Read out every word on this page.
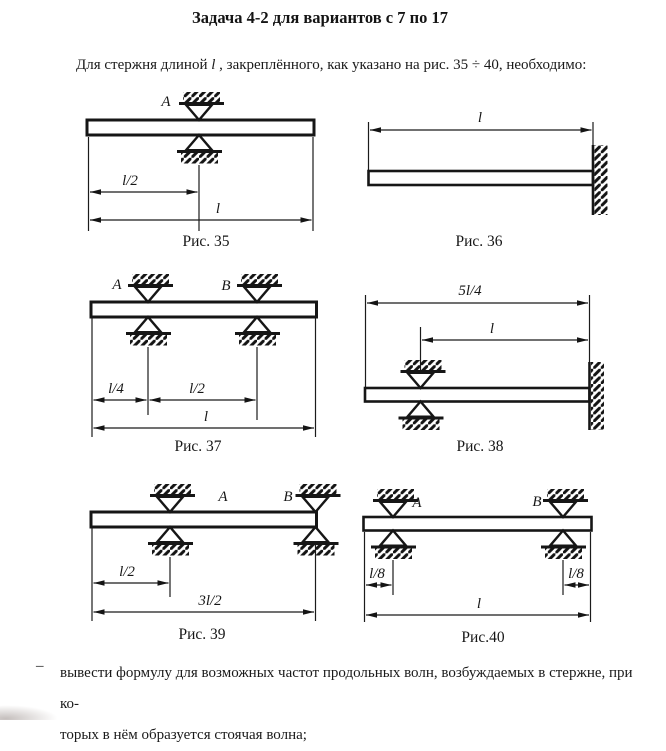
Задача 4-2 для вариантов с 7 по 17

Для стержня длиной l , закреплённого, как указано на рис. 35 ÷ 40, необходимо:

A
l/2
l
Рис. 35
l
Рис. 36
A	B
l/4	l/2
l
Рис. 37
5l/4
l
Рис. 38
A	B
l/2
3l/2
Рис. 39
A	B
l/8	l/8
l
Рис.40
– вывести формулу для возможных частот продольных волн, возбуждаемых в стержне, при ко-
торых в нём образуется стоячая волна;
